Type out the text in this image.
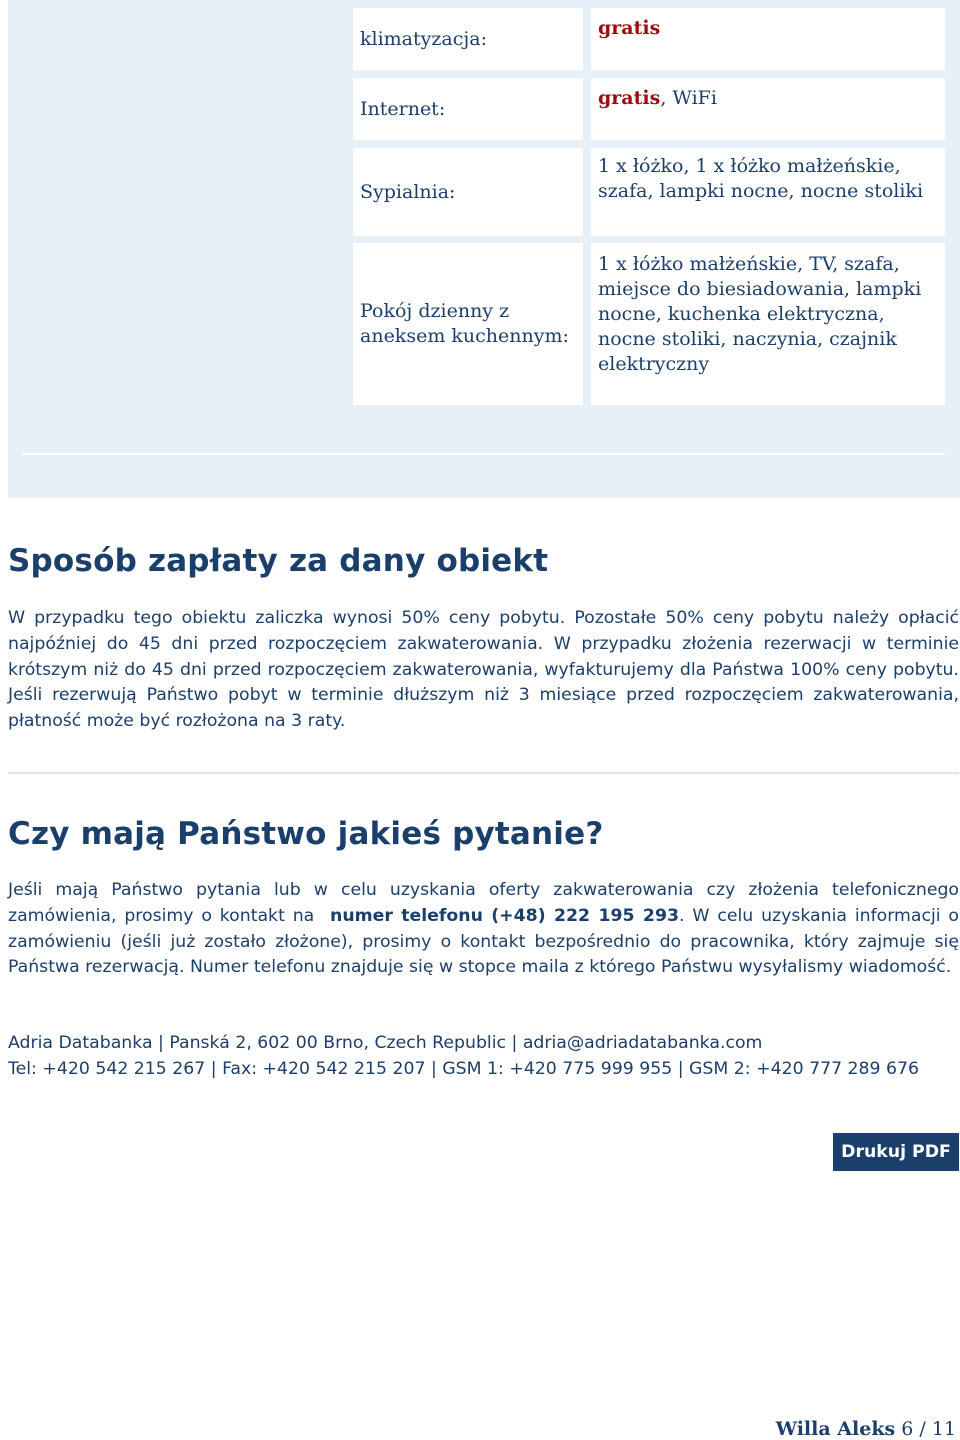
klimatyzacja:	gratis
Internet:	gratis, WiFi
Sypialnia:
1 x łóżko, 1 x łóżko małżeńskie, szafa, lampki nocne, nocne stoliki
Pokój dzienny z aneksem kuchennym:
1 x łóżko małżeńskie, TV, szafa, miejsce do biesiadowania, lampki nocne, kuchenka elektryczna, nocne stoliki, naczynia, czajnik elektryczny
Sposób zapłaty za dany obiekt

W przypadku tego obiektu zaliczka wynosi 50% ceny pobytu. Pozostałe 50% ceny pobytu należy opłacić najpóźniej do 45 dni przed rozpoczęciem zakwaterowania. W przypadku złożenia rezerwacji w terminie krótszym niż do 45 dni przed rozpoczęciem zakwaterowania, wyfakturujemy dla Państwa 100% ceny pobytu. Jeśli rezerwują Państwo pobyt w terminie dłuższym niż 3 miesiące przed rozpoczęciem zakwaterowania, płatność może być rozłożona na 3 raty.

Czy mają Państwo jakieś pytanie?

Jeśli mają Państwo pytania lub w celu uzyskania oferty zakwaterowania czy złożenia telefonicznego zamówienia, prosimy o kontakt na numer telefonu (+48) 222 195 293. W celu uzyskania informacji o zamówieniu (jeśli już zostało złożone), prosimy o kontakt bezpośrednio do pracownika, który zajmuje się Państwa rezerwacją. Numer telefonu znajduje się w stopce maila z którego Państwu wysyłalismy wiadomość.

Adria Databanka | Panská 2, 602 00 Brno, Czech Republic | adria@adriadatabanka.com
Tel: +420 542 215 267 | Fax: +420 542 215 207 | GSM 1: +420 775 999 955 | GSM 2: +420 777 289 676
Drukuj PDF
Willa Aleks 6 / 11
